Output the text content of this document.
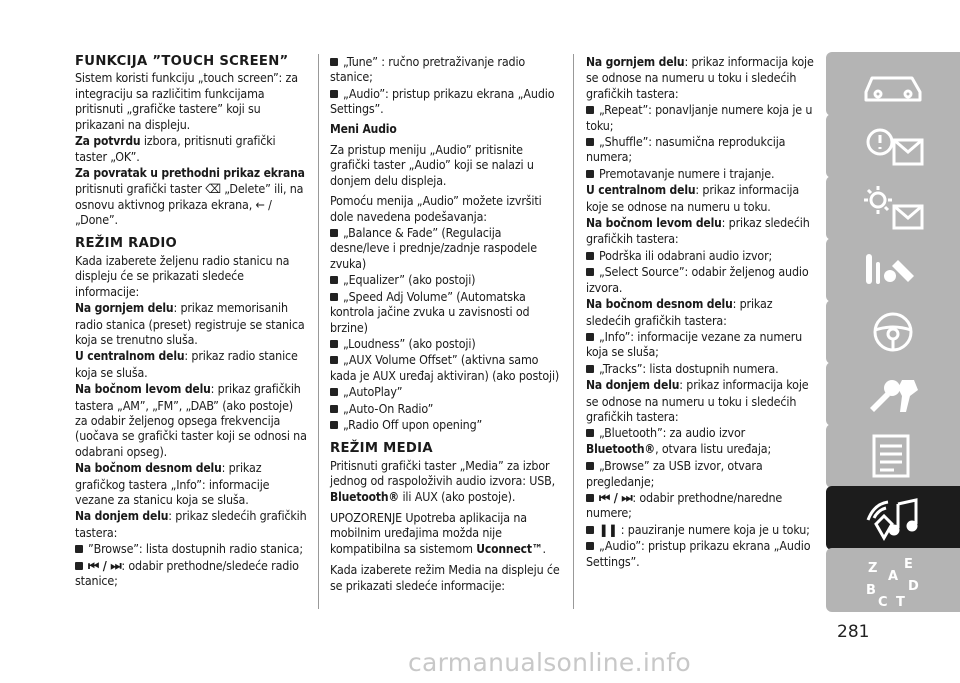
FUNKCIJA ”TOUCH SCREEN”

Sistem koristi funkciju „touch screen”: za integraciju sa različitim funkcijama pritisnuti „grafičke tastere” koji su prikazani na displeju.

Za potvrdu izbora, pritisnuti grafički taster „OK”.

Za povratak u prethodni prikaz ekrana

pritisnuti grafički taster ⌫ „Delete” ili, na osnovu aktivnog prikaza ekrana, ← /„Done”.

REŽIM RADIO

Kada izaberete željenu radio stanicu na displeju će se prikazati sledeće informacije:

Na gornjem delu: prikaz memorisanih radio stanica (preset) registruje se stanica koja se trenutno sluša.

U centralnom delu: prikaz radio stanice koja se sluša.

Na bočnom levom delu: prikaz grafičkih tastera „AM”, „FM”, „DAB” (ako postoje) za odabir željenog opsega frekvencija (uočava se grafički taster koji se odnosi na odabrani opseg).

Na bočnom desnom delu: prikaz grafičkog tastera „Info”: informacije vezane za stanicu koja se sluša.

Na donjem delu: prikaz sledećih grafičkih tastera:

”Browse”: lista dostupnih radio stanica;

⏮ / ⏭: odabir prethodne/sledeće radio stanice;

„Tune” : ručno pretraživanje radio stanice;

„Audio”: pristup prikazu ekrana „Audio Settings”.

Meni Audio

Za pristup meniju „Audio” pritisnite grafički taster „Audio” koji se nalazi u donjem delu displeja.

Pomoću menija „Audio” možete izvršiti dole navedena podešavanja:

„Balance & Fade” (Regulacija desne/leve i prednje/zadnje raspodele zvuka)

„Equalizer” (ako postoji)

„Speed Adj Volume” (Automatska kontrola jačine zvuka u zavisnosti od brzine)

„Loudness” (ako postoji)

„AUX Volume Offset” (aktivna samo kada je AUX uređaj aktiviran) (ako postoji)

„AutoPlay”

„Auto-On Radio”

„Radio Off upon opening”

REŽIM MEDIA

Pritisnuti grafički taster „Media” za izbor jednog od raspoloživih audio izvora: USB, Bluetooth® ili AUX (ako postoje).

UPOZORENJE Upotreba aplikacija na mobilnim uređajima možda nije kompatibilna sa sistemom Uconnect™.

Kada izaberete režim Media na displeju će se prikazati sledeće informacije:

Na gornjem delu: prikaz informacija koje se odnose na numeru u toku i sledećih grafičkih tastera:

„Repeat”: ponavljanje numere koja je u toku;

„Shuffle”: nasumična reprodukcija numera;

Premotavanje numere i trajanje.

U centralnom delu: prikaz informacija koje se odnose na numeru u toku.

Na bočnom levom delu: prikaz sledećih grafičkih tastera:

Podrška ili odabrani audio izvor;

„Select Source”: odabir željenog audio izvora.

Na bočnom desnom delu: prikaz sledećih grafičkih tastera:

„Info”: informacije vezane za numeru koja se sluša;

„Tracks”: lista dostupnih numera.

Na donjem delu: prikaz informacija koje se odnose na numeru u toku i sledećih grafičkih tastera:

„Bluetooth”: za audio izvor Bluetooth®, otvara listu uređaja;

„Browse” za USB izvor, otvara pregledanje;

⏮ / ⏭: odabir prethodne/naredne numere;

❚❚ : pauziranje numere koja je u toku;

„Audio”: pristup prikazu ekrana „Audio Settings”.	Z E
A
B D
C T
281
carmanualsonline.info
